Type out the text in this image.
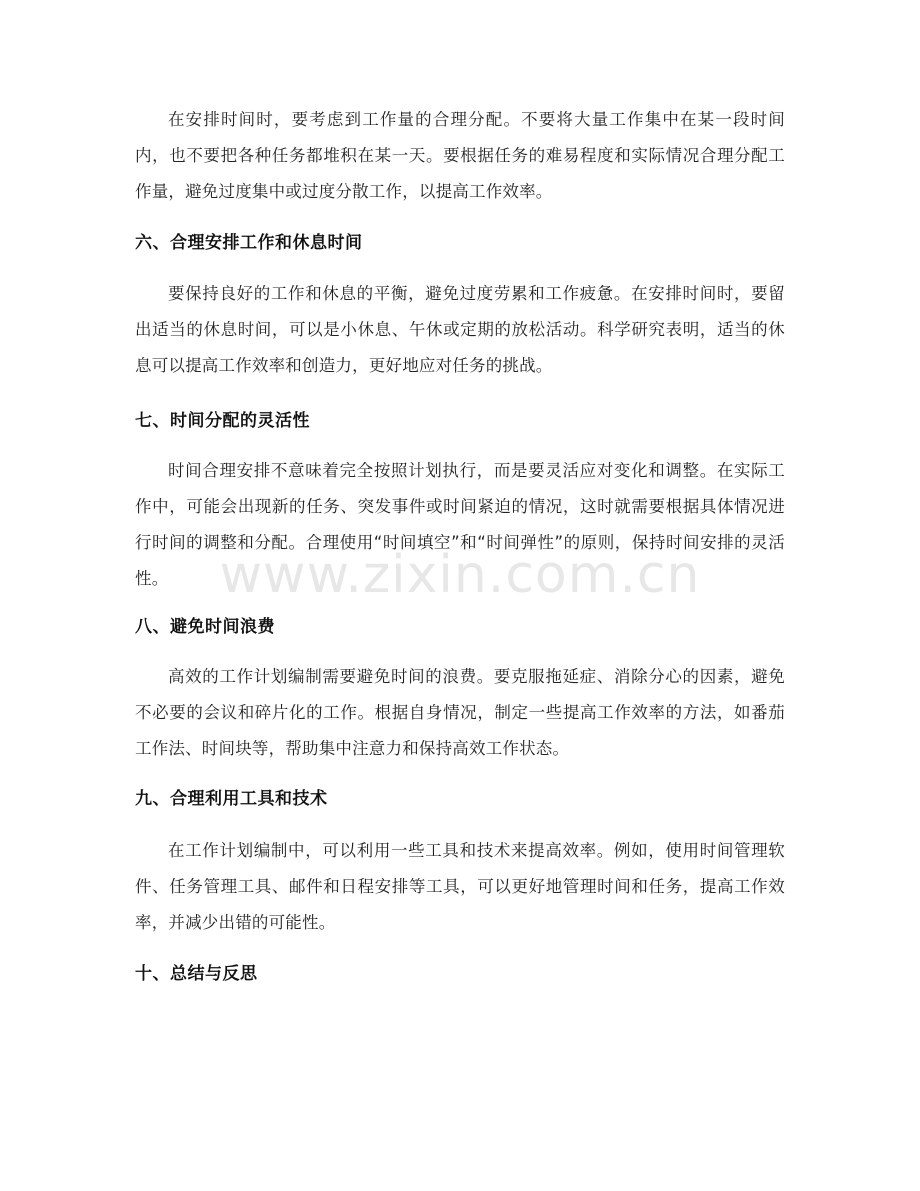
在安排时间时，要考虑到工作量的合理分配。不要将大量工作集中在某一段时间内，也不要把各种任务都堆积在某一天。要根据任务的难易程度和实际情况合理分配工作量，避免过度集中或过度分散工作，以提高工作效率。

六、合理安排工作和休息时间

要保持良好的工作和休息的平衡，避免过度劳累和工作疲惫。在安排时间时，要留出适当的休息时间，可以是小休息、午休或定期的放松活动。科学研究表明，适当的休息可以提高工作效率和创造力，更好地应对任务的挑战。

七、时间分配的灵活性

时间合理安排不意味着完全按照计划执行，而是要灵活应对变化和调整。在实际工作中，可能会出现新的任务、突发事件或时间紧迫的情况，这时就需要根据具体情况进行时间的调整和分配。合理使用“时间填空”和“时间弹性”的原则，保持时间安排的灵活性。

八、避免时间浪费

高效的工作计划编制需要避免时间的浪费。要克服拖延症、消除分心的因素，避免不必要的会议和碎片化的工作。根据自身情况，制定一些提高工作效率的方法，如番茄工作法、时间块等，帮助集中注意力和保持高效工作状态。

九、合理利用工具和技术

在工作计划编制中，可以利用一些工具和技术来提高效率。例如，使用时间管理软件、任务管理工具、邮件和日程安排等工具，可以更好地管理时间和任务，提高工作效率，并减少出错的可能性。

十、总结与反思
www.zixin.com.cn
